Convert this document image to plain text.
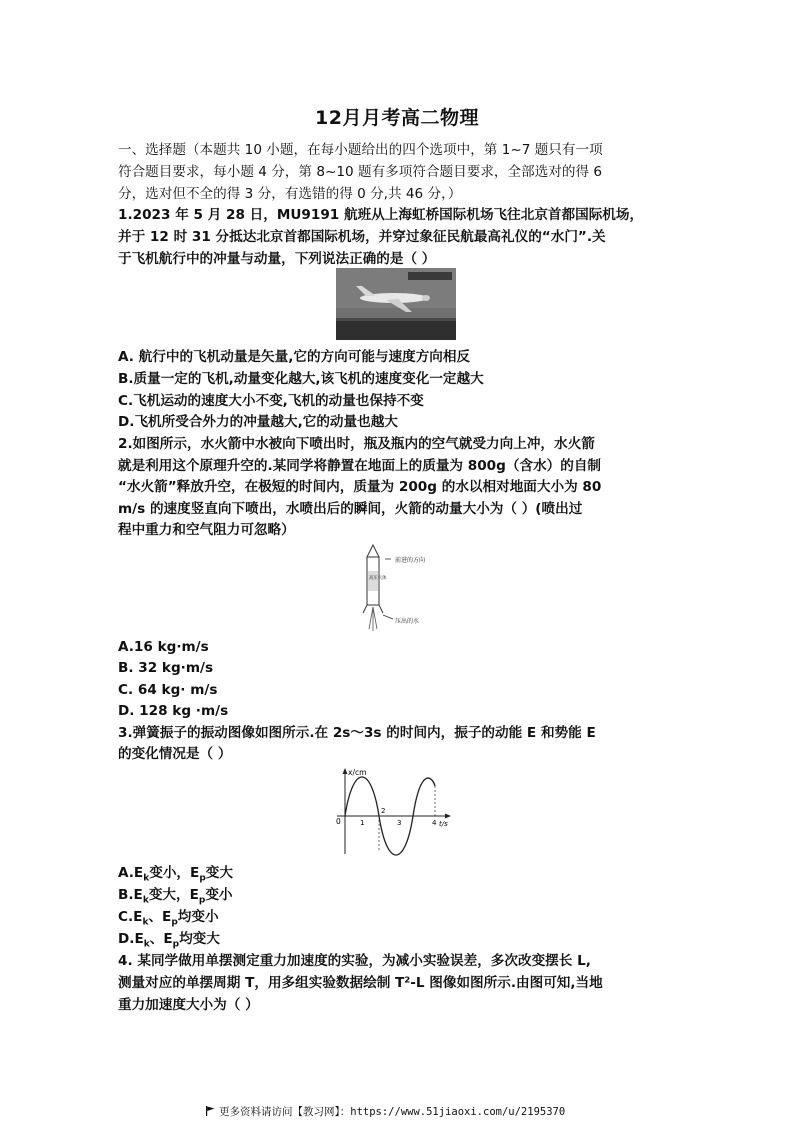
12月月考高二物理
一、选择题（本题共 10 小题，在每小题给出的四个选项中，第 1~7 题只有一项
符合题目要求，每小题 4 分，第 8~10 题有多项符合题目要求，全部选对的得 6
分，选对但不全的得 3 分，有选错的得 0 分,共 46 分，）
1.2023 年 5 月 28 日，MU9191 航班从上海虹桥国际机场飞往北京首都国际机场，
并于 12 时 31 分抵达北京首都国际机场，并穿过象征民航最高礼仪的“水门”.关
于飞机航行中的冲量与动量，下列说法正确的是（ ）
A. 航行中的飞机动量是矢量,它的方向可能与速度方向相反
B.质量一定的飞机,动量变化越大,该飞机的速度变化一定越大
C.飞机运动的速度大小不变,飞机的动量也保持不变
D.飞机所受合外力的冲量越大,它的动量也越大
2.如图所示，水火箭中水被向下喷出时，瓶及瓶内的空气就受力向上冲，水火箭
就是利用这个原理升空的.某同学将静置在地面上的质量为 800g（含水）的自制
“水火箭”释放升空，在极短的时间内，质量为 200g 的水以相对地面大小为 80
m/s 的速度竖直向下喷出，水喷出后的瞬间，火箭的动量大小为（ ）(喷出过
程中重力和空气阻力可忽略）
前进的方向
高压气体
压出的水
A.16 kg·m/s
B. 32 kg·m/s
C. 64 kg· m/s
D. 128 kg ·m/s
3.弹簧振子的振动图像如图所示.在 2s～3s 的时间内，振子的动能 E 和势能 E
的变化情况是（ ）
x/cm
0	1
2
3	4 t/s
$A.E_k$变小，$E_p$变大
$B.E_k$变大，$E_p$变小
$C.E_k$、$E_p$均变小
$D.E_k$、$E_p$均变大
4. 某同学做用单摆测定重力加速度的实验，为减小实验误差，多次改变摆长 L,
测量对应的单摆周期 T，用多组实验数据绘制 T²-L 图像如图所示.由图可知,当地
重力加速度大小为（ ）
更多资料请访问【教习网】：https://www.51jiaoxi.com/u/2195370
